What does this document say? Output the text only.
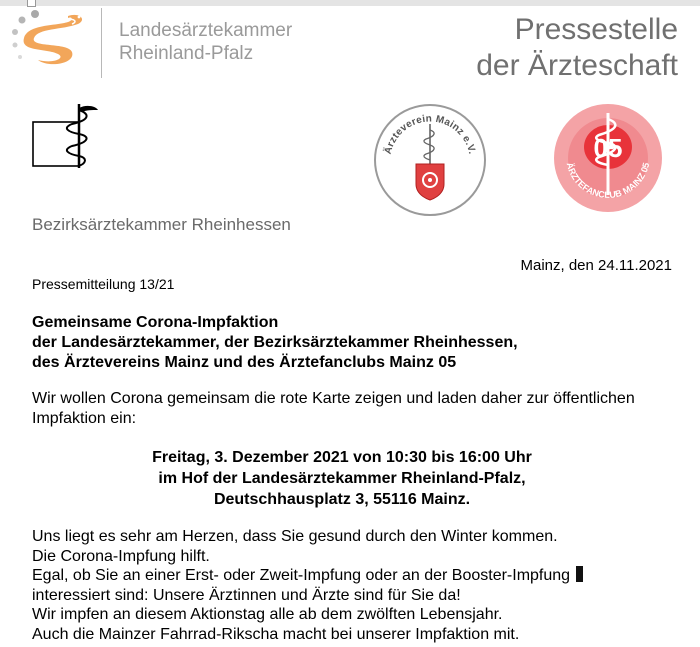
Landesärztekammer
Rheinland-Pfalz
Pressestelle
der Ärzteschaft
Bezirksärztekammer Rheinhessen
Ärzteverein Mainz e.V.	05
ÄRZTEFANCLUB MAINZ 05
Mainz, den 24.11.2021
Pressemitteilung 13/21
Gemeinsame Corona-Impfaktion
der Landesärztekammer, der Bezirksärztekammer Rheinhessen,
des Ärztevereins Mainz und des Ärztefanclubs Mainz 05
Wir wollen Corona gemeinsam die rote Karte zeigen und laden daher zur öffentlichen Impfaktion ein:
Freitag, 3. Dezember 2021 von 10:30 bis 16:00 Uhr
im Hof der Landesärztekammer Rheinland-Pfalz,
Deutschhausplatz 3, 55116 Mainz.
Uns liegt es sehr am Herzen, dass Sie gesund durch den Winter kommen.
Die Corona-Impfung hilft.
Egal, ob Sie an einer Erst- oder Zweit-Impfung oder an der Booster-Impfung
interessiert sind: Unsere Ärztinnen und Ärzte sind für Sie da!
Wir impfen an diesem Aktionstag alle ab dem zwölften Lebensjahr.
Auch die Mainzer Fahrrad-Rikscha macht bei unserer Impfaktion mit.
